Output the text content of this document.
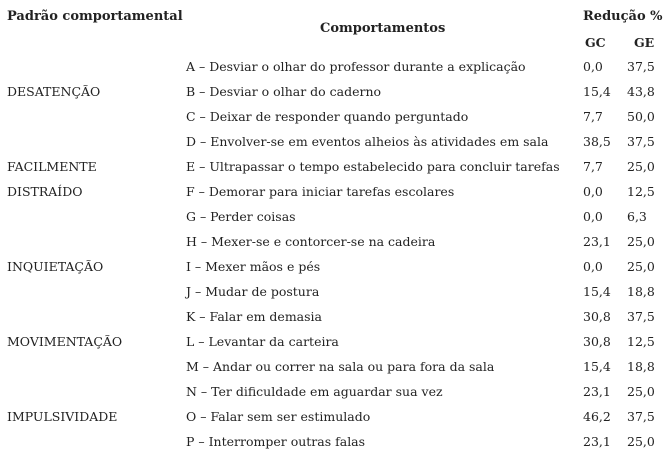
Padrão comportamental
Comportamentos
Redução %
GC GE
A – Desviar o olhar do professor durante a explicação	0,0 37,5
DESATENÇÃO	B – Desviar o olhar do caderno	15,4 43,8
C – Deixar de responder quando perguntado	7,7 50,0
D – Envolver-se em eventos alheios às atividades em sala	38,5 37,5
FACILMENTE	E – Ultrapassar o tempo estabelecido para concluir tarefas 7,7 25,0
DISTRAÍDO	F – Demorar para iniciar tarefas escolares	0,0 12,5
G – Perder coisas	0,0 6,3
H – Mexer-se e contorcer-se na cadeira	23,1 25,0
INQUIETAÇÃO	I – Mexer mãos e pés	0,0 25,0
J – Mudar de postura	15,4 18,8
K – Falar em demasia	30,8 37,5
MOVIMENTAÇÃO	L – Levantar da carteira	30,8 12,5
M – Andar ou correr na sala ou para fora da sala	15,4 18,8
N – Ter dificuldade em aguardar sua vez	23,1 25,0
IMPULSIVIDADE	O – Falar sem ser estimulado	46,2 37,5
P – Interromper outras falas	23,1 25,0
